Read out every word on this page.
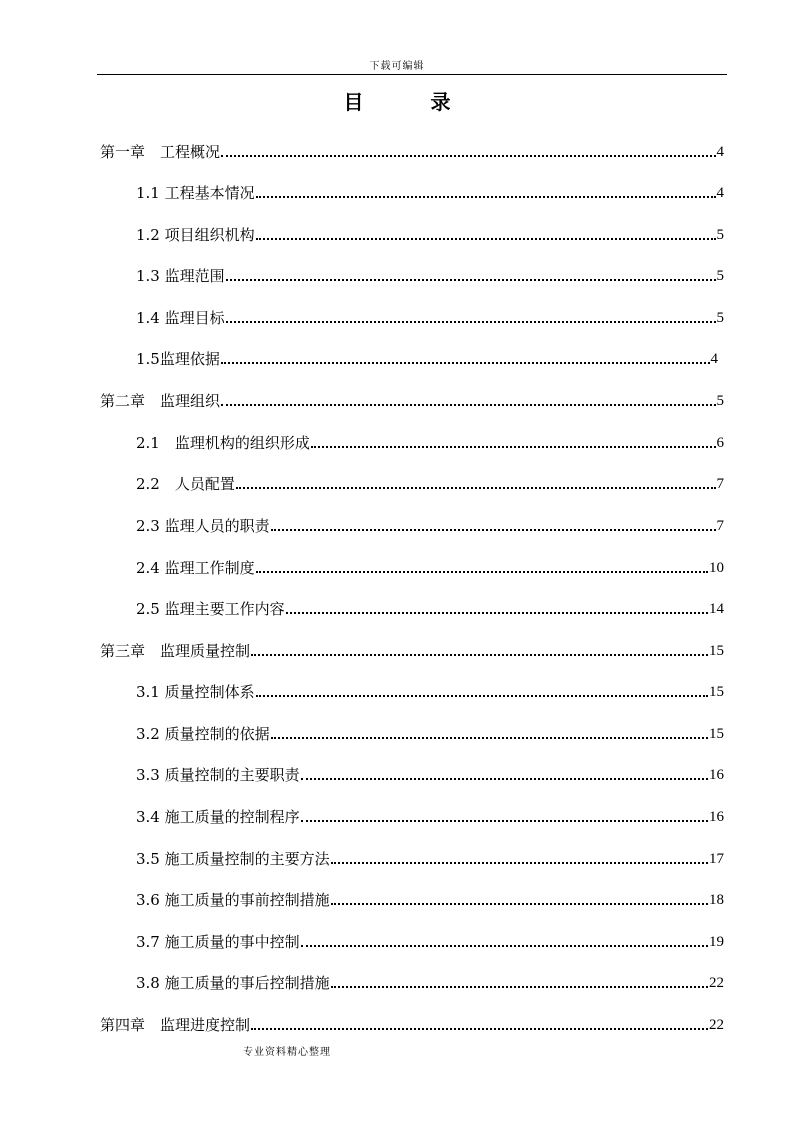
下载可编辑
目 录
第一章　工程概况	4
1.1 工程基本情况	4
1.2 项目组织机构	5
1.3 监理范围	5
1.4 监理目标	5
1.5监理依据	4
第二章　监理组织	5
2.1　监理机构的组织形成	6
2.2　人员配置	7
2.3 监理人员的职责	7
2.4 监理工作制度	10
2.5 监理主要工作内容	14
第三章　监理质量控制	15
3.1 质量控制体系	15
3.2 质量控制的依据	15
3.3 质量控制的主要职责	16
3.4 施工质量的控制程序	16
3.5 施工质量控制的主要方法	17
3.6 施工质量的事前控制措施	18
3.7 施工质量的事中控制	19
3.8 施工质量的事后控制措施	22
第四章　监理进度控制	22
专业资料精心整理
